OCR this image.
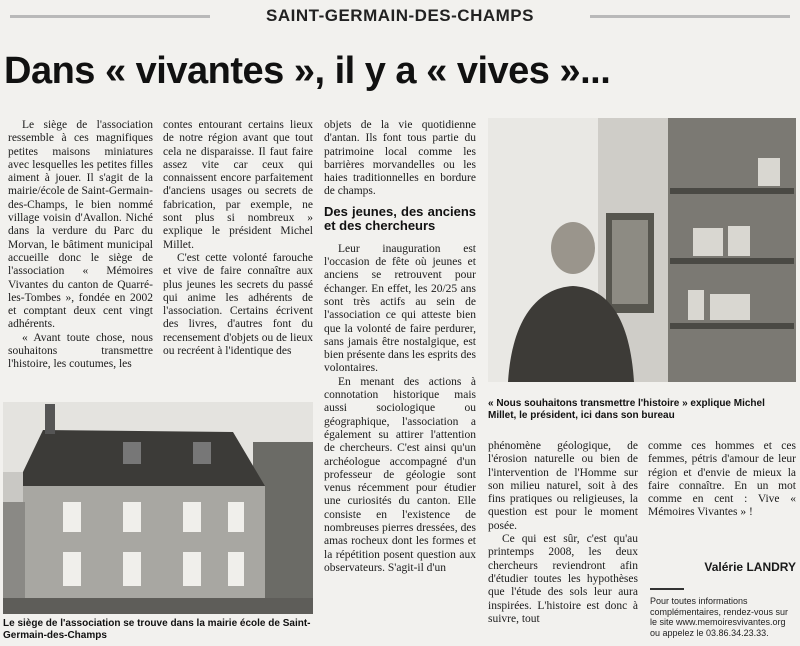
SAINT-GERMAIN-DES-CHAMPS
Dans « vivantes », il y a « vives »...

Le siège de l'association ressemble à ces magnifiques petites maisons miniatures avec lesquelles les petites filles aiment à jouer. Il s'agit de la mairie/école de Saint-Germain-des-Champs, le bien nommé village voisin d'Avallon. Niché dans la verdure du Parc du Morvan, le bâtiment municipal accueille donc le siège de l'association « Mémoires Vivantes du canton de Quarré-les-Tombes », fondée en 2002 et comptant deux cent vingt adhérents.

« Avant toute chose, nous souhaitons transmettre l'histoire, les coutumes, les

contes entourant certains lieux de notre région avant que tout cela ne disparaisse. Il faut faire assez vite car ceux qui connaissent encore parfaitement d'anciens usages ou secrets de fabrication, par exemple, ne sont plus si nombreux » explique le président Michel Millet.

C'est cette volonté farouche et vive de faire connaître aux plus jeunes les secrets du passé qui anime les adhérents de l'association. Certains écrivent des livres, d'autres font du recensement d'objets ou de lieux ou recréent à l'identique des

objets de la vie quotidienne d'antan. Ils font tous partie du patrimoine local comme les barrières morvandelles ou les haies traditionnelles en bordure de champs.

Des jeunes, des anciens et des chercheurs

Leur inauguration est l'occasion de fête où jeunes et anciens se retrouvent pour échanger. En effet, les 20/25 ans sont très actifs au sein de l'association ce qui atteste bien que la volonté de faire perdurer, sans jamais être nostalgique, est bien présente dans les esprits des volontaires.

En menant des actions à connotation historique mais aussi sociologique ou géographique, l'association a également su attirer l'attention de chercheurs. C'est ainsi qu'un archéologue accompagné d'un professeur de géologie sont venus récemment pour étudier une curiosités du canton. Elle consiste en l'existence de nombreuses pierres dressées, des amas rocheux dont les formes et la répétition posent question aux observateurs. S'agit-il d'un

Le siège de l'association se trouve dans la mairie école de Saint-Germain-des-Champs
« Nous souhaitons transmettre l'histoire » explique Michel Millet, le président, ici dans son bureau

phénomène géologique, de l'érosion naturelle ou bien de l'intervention de l'Homme sur son milieu naturel, soit à des fins pratiques ou religieuses, la question est pour le moment posée.

Ce qui est sûr, c'est qu'au printemps 2008, les deux chercheurs reviendront afin d'étudier toutes les hypothèses que l'étude des sols leur aura inspirées. L'histoire est donc à suivre, tout

comme ces hommes et ces femmes, pétris d'amour de leur région et d'envie de mieux la faire connaître. En un mot comme en cent : Vive « Mémoires Vivantes » !

Valérie LANDRY
Pour toutes informations complémentaires, rendez-vous sur le site www.memoiresvivantes.org ou appelez le 03.86.34.23.33.
